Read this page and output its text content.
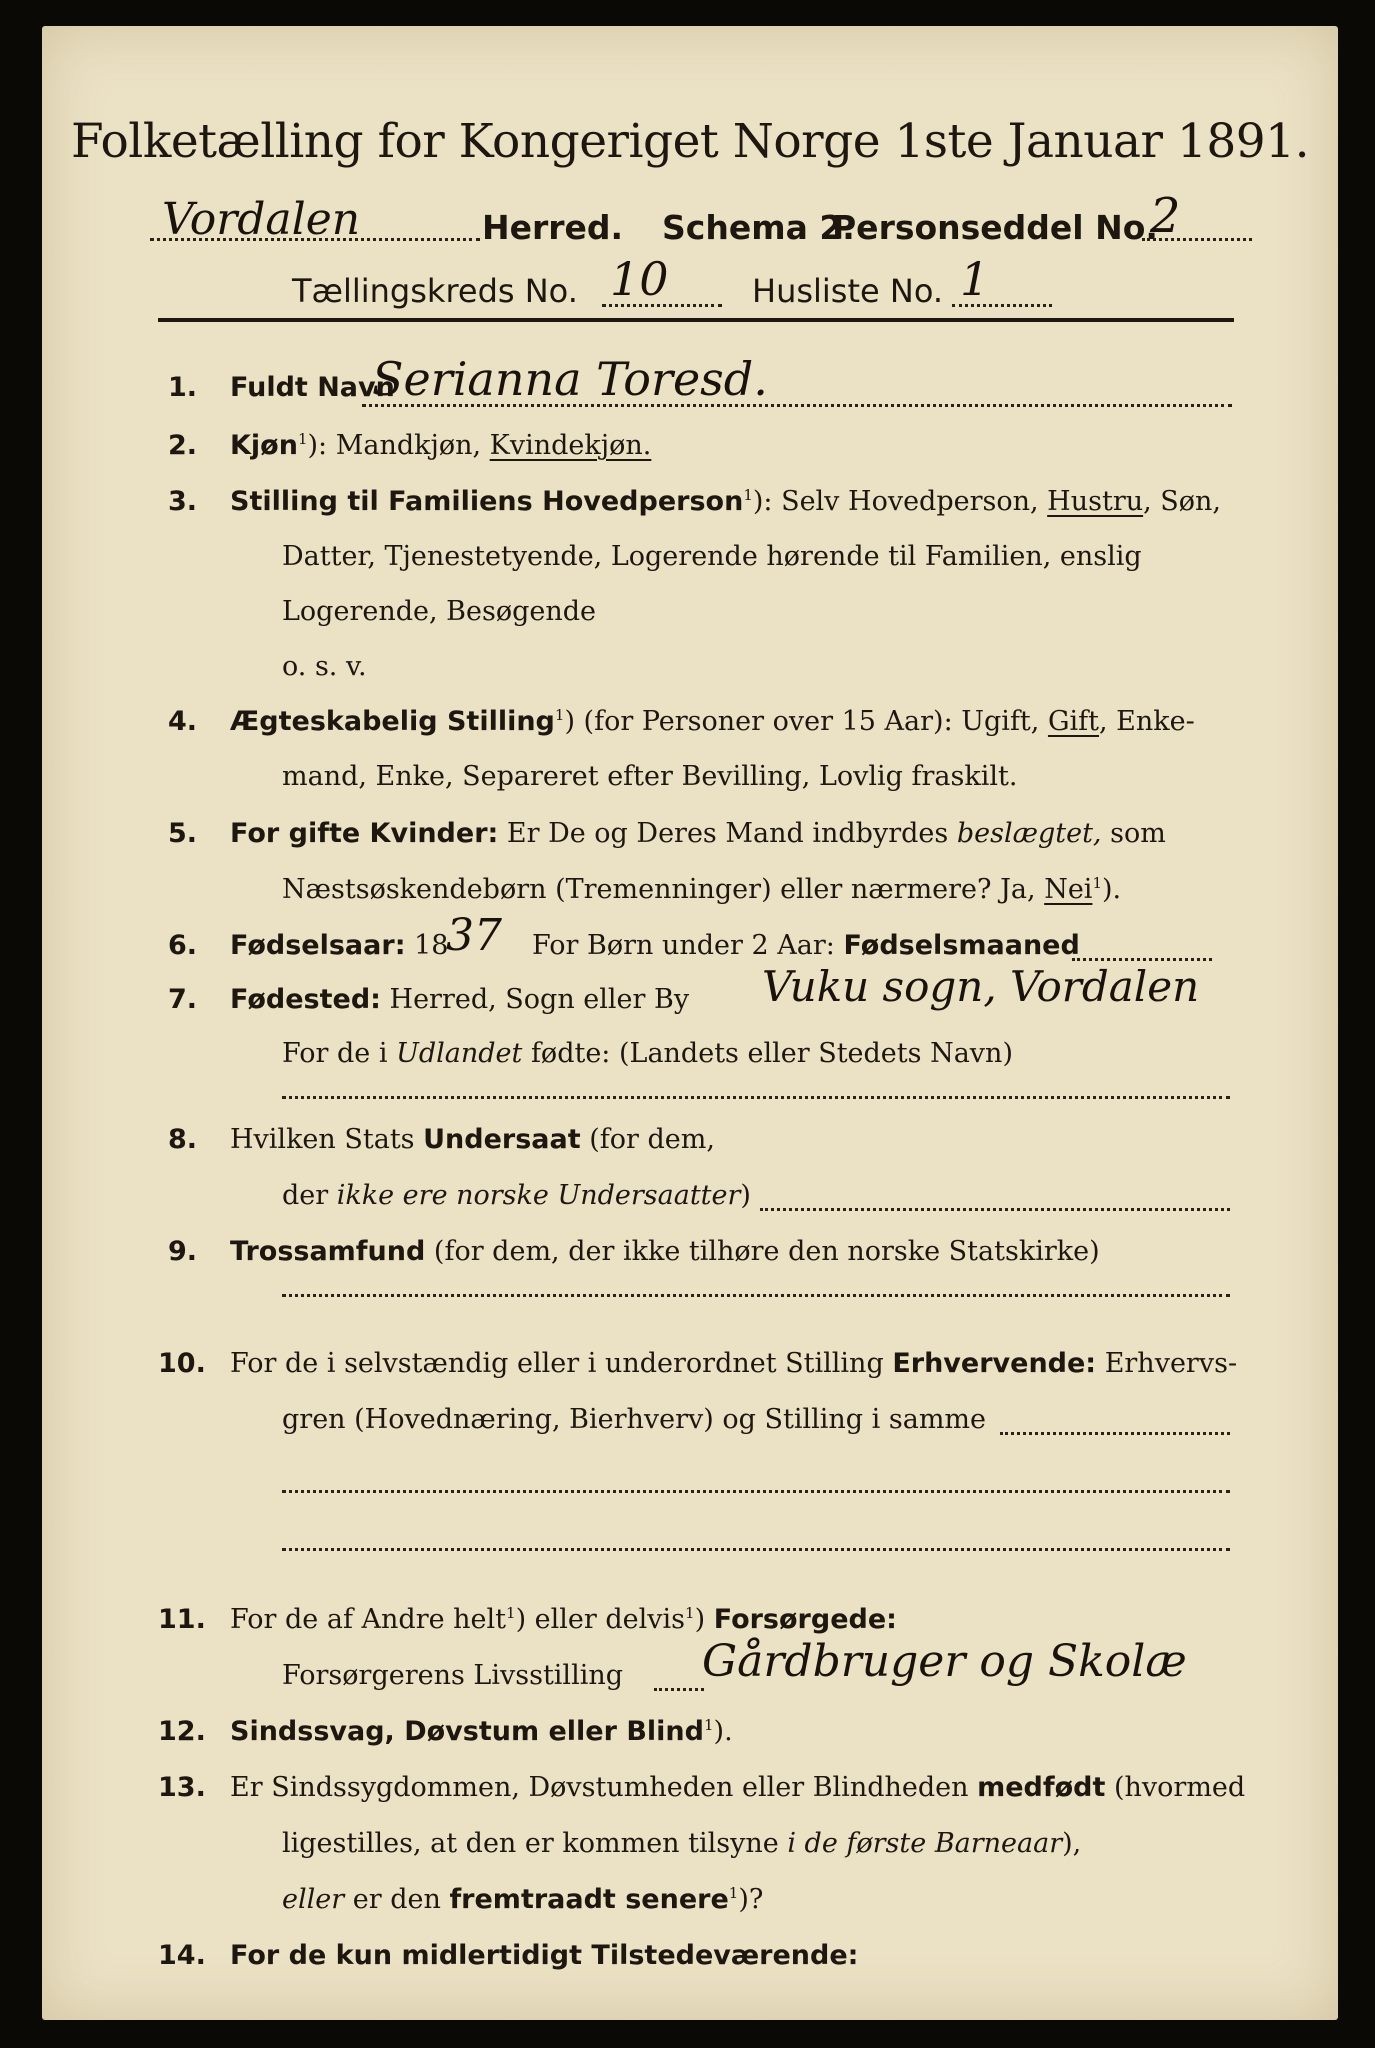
Folketælling for Kongeriget Norge 1ste Januar 1891.
Vordalen	Herred. Schema 2.
Personseddel No.
2
Tællingskreds No. 10	Husliste No. 1
1. Fuldt Navn
Serianna Toresd.
2. Kjøn$^1$): Mandkjøn, Kvindekjøn.
3. Stilling til Familiens Hovedperson$^1$): Selv Hovedperson, Hustru, Søn,
Datter, Tjenestetyende, Logerende hørende til Familien, enslig
Logerende, Besøgende
o. s. v.
4. Ægteskabelig Stilling$^1$) (for Personer over 15 Aar): Ugift, Gift, Enke-
mand, Enke, Separeret efter Bevilling, Lovlig fraskilt.
5. For gifte Kvinder: Er De og Deres Mand indbyrdes beslægtet, som
Næstsøskendebørn (Tremenninger) eller nærmere? Ja, Nei$^1$).
6. Fødselsaar: 18
37 For Børn under 2 Aar: Fødselsmaaned
7. Fødested: Herred, Sogn eller By Vuku sogn, Vordalen
For de i Udlandet fødte: (Landets eller Stedets Navn)
8. Hvilken Stats Undersaat (for dem,
der ikke ere norske Undersaatter)
9. Trossamfund (for dem, der ikke tilhøre den norske Statskirke)
10. For de i selvstændig eller i underordnet Stilling Erhvervende: Erhvervs-
gren (Hovednæring, Bierhverv) og Stilling i samme
11. For de af Andre helt$^1$) eller delvis$^1$) Forsørgede:
Forsørgerens Livsstilling Gårdbruger og Skolæ
12. Sindssvag, Døvstum eller Blind$^1$).
13. Er Sindssygdommen, Døvstumheden eller Blindheden medfødt (hvormed
ligestilles, at den er kommen tilsyne i de første Barneaar),
eller er den fremtraadt senere$^1$)?
14. For de kun midlertidigt Tilstedeværende:
